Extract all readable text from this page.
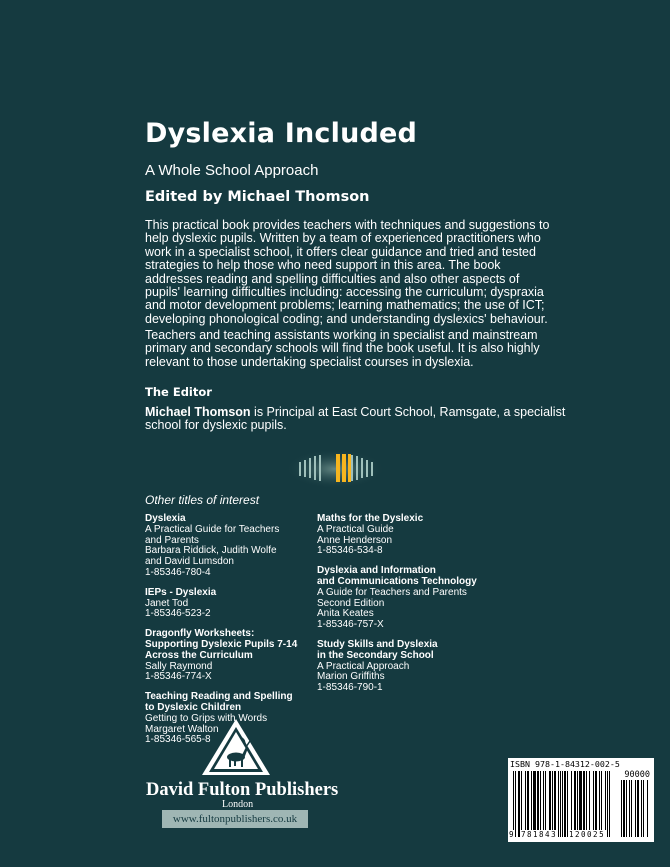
Dyslexia Included

A Whole School Approach

Edited by Michael Thomson

This practical book provides teachers with techniques and suggestions to help dyslexic pupils. Written by a team of experienced practitioners who work in a specialist school, it offers clear guidance and tried and tested strategies to help those who need support in this area. The book addresses reading and spelling difficulties and also other aspects of pupils' learning difficulties including: accessing the curriculum; dyspraxia and motor development problems; learning mathematics; the use of ICT; developing phonological coding; and understanding dyslexics' behaviour.

Teachers and teaching assistants working in specialist and mainstream primary and secondary schools will find the book useful. It is also highly relevant to those undertaking specialist courses in dyslexia.

The Editor

Michael Thomson is Principal at East Court School, Ramsgate, a specialist school for dyslexic pupils.

Other titles of interest

Dyslexia
A Practical Guide for Teachers
and Parents
Barbara Riddick, Judith Wolfe
and David Lumsdon
1-85346-780-4
IEPs - Dyslexia
Janet Tod
1-85346-523-2
Dragonfly Worksheets:
Supporting Dyslexic Pupils 7-14
Across the Curriculum
Sally Raymond
1-85346-774-X
Teaching Reading and Spelling
to Dyslexic Children
Getting to Grips with Words
Margaret Walton
1-85346-565-8
Maths for the Dyslexic
A Practical Guide
Anne Henderson
1-85346-534-8
Dyslexia and Information
and Communications Technology
A Guide for Teachers and Parents
Second Edition
Anita Keates
1-85346-757-X
Study Skills and Dyslexia
in the Secondary School
A Practical Approach
Marion Griffiths
1-85346-790-1

David Fulton Publishers

London

www.fultonpublishers.co.uk
ISBN 978-1-84312-002-5
90000
9 781843 120025
